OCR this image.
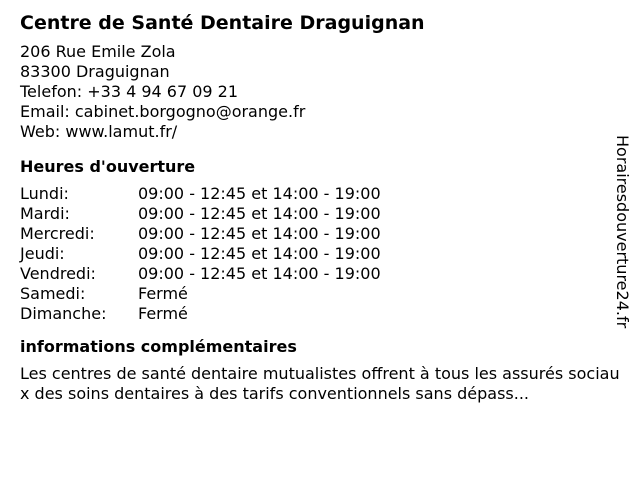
Centre de Santé Dentaire Draguignan
206 Rue Emile Zola
83300 Draguignan
Telefon: +33 4 94 67 09 21
Email: cabinet.borgogno@orange.fr
Web: www.lamut.fr/
Heures d'ouverture
Lundi:	09:00 - 12:45 et 14:00 - 19:00
Mardi:	09:00 - 12:45 et 14:00 - 19:00
Mercredi:	09:00 - 12:45 et 14:00 - 19:00
Jeudi:	09:00 - 12:45 et 14:00 - 19:00
Vendredi:	09:00 - 12:45 et 14:00 - 19:00
Samedi:	Fermé
Dimanche:	Fermé
informations complémentaires
Les centres de santé dentaire mutualistes offrent à tous les assurés sociaux des soins dentaires à des tarifs conventionnels sans dépass...
Horairesdouverture24.fr
